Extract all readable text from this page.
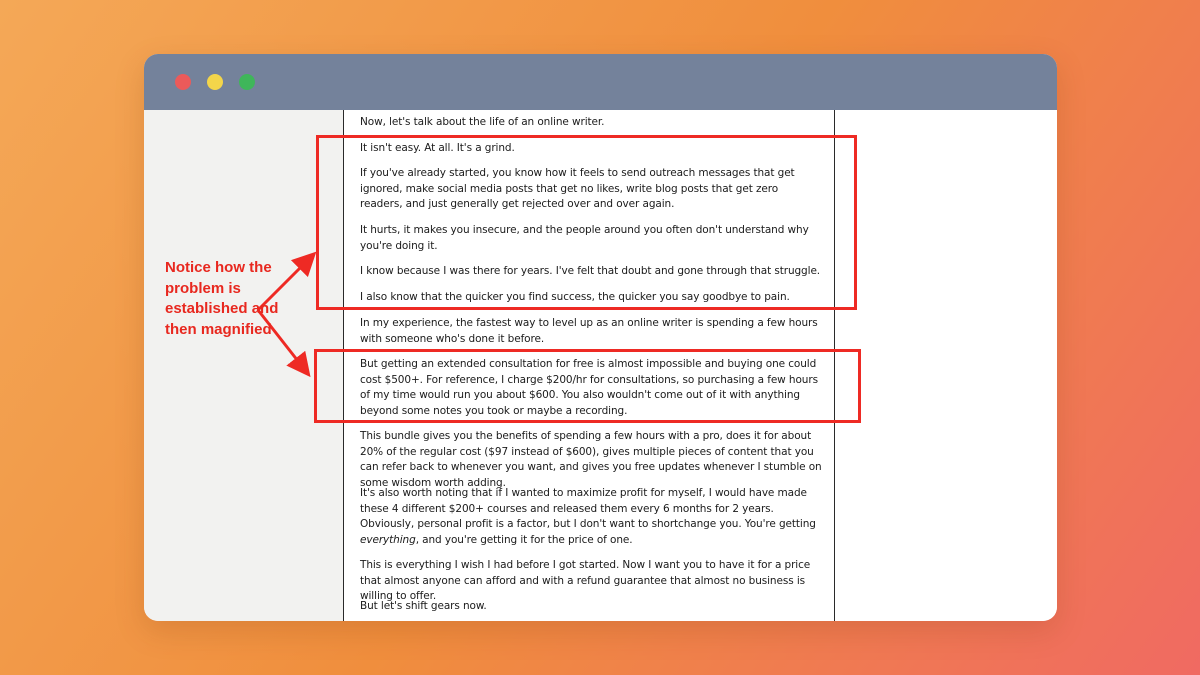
Now, let's talk about the life of an online writer.

It isn't easy. At all. It's a grind.

If you've already started, you know how it feels to send outreach messages that get ignored, make social media posts that get no likes, write blog posts that get zero readers, and just generally get rejected over and over again.

It hurts, it makes you insecure, and the people around you often don't understand why you're doing it.

I know because I was there for years. I've felt that doubt and gone through that struggle.

I also know that the quicker you find success, the quicker you say goodbye to pain.

In my experience, the fastest way to level up as an online writer is spending a few hours with someone who's done it before.

But getting an extended consultation for free is almost impossible and buying one could cost $500+. For reference, I charge $200/hr for consultations, so purchasing a few hours of my time would run you about $600. You also wouldn't come out of it with anything beyond some notes you took or maybe a recording.

This bundle gives you the benefits of spending a few hours with a pro, does it for about 20% of the regular cost ($97 instead of $600), gives multiple pieces of content that you can refer back to whenever you want, and gives you free updates whenever I stumble on some wisdom worth adding.

It's also worth noting that if I wanted to maximize profit for myself, I would have made these 4 different $200+ courses and released them every 6 months for 2 years. Obviously, personal profit is a factor, but I don't want to shortchange you. You're getting everything, and you're getting it for the price of one.

This is everything I wish I had before I got started. Now I want you to have it for a price that almost anyone can afford and with a refund guarantee that almost no business is willing to offer.

But let's shift gears now.

Notice how the problem is established and then magnified
